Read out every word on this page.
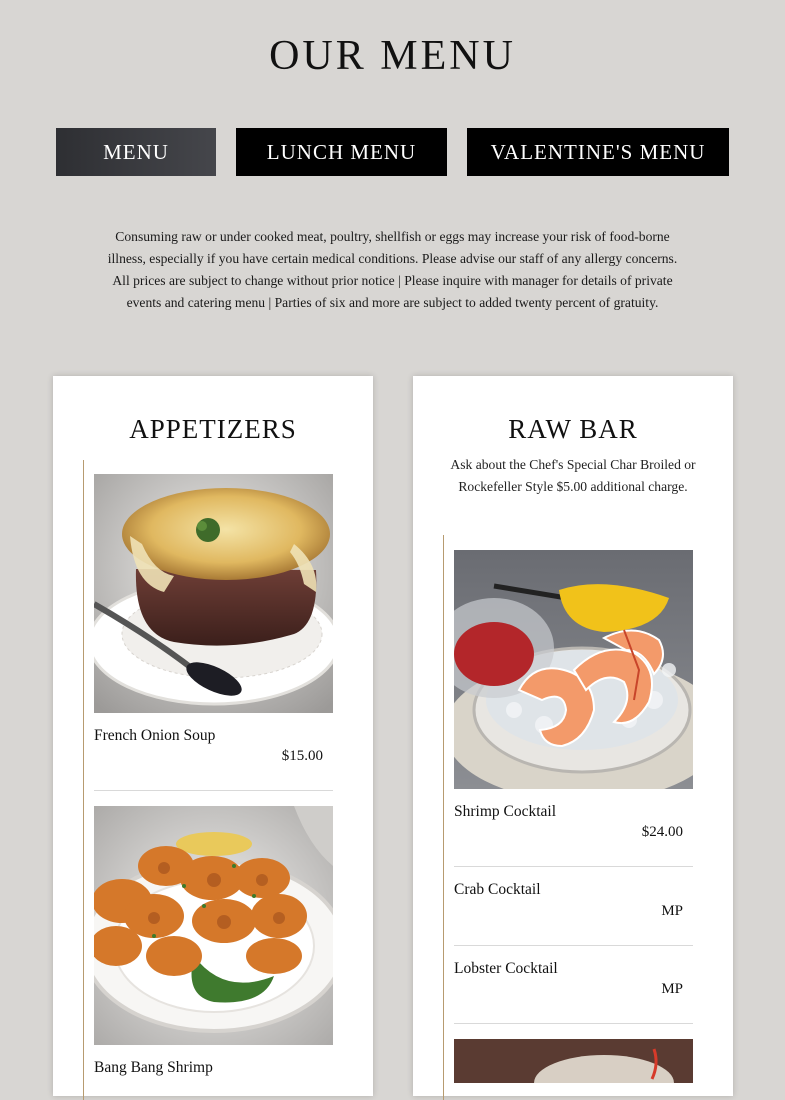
OUR MENU
MENU	LUNCH MENU	VALENTINE'S MENU
Consuming raw or under cooked meat, poultry, shellfish or eggs may increase your risk of food-borne illness, especially if you have certain medical conditions. Please advise our staff of any allergy concerns. All prices are subject to change without prior notice | Please inquire with manager for details of private events and catering menu | Parties of six and more are subject to added twenty percent of gratuity.
APPETIZERS
French Onion Soup
$15.00
Bang Bang Shrimp
RAW BAR
Ask about the Chef's Special Char Broiled or Rockefeller Style $5.00 additional charge.
Shrimp Cocktail
$24.00
Crab Cocktail
MP
Lobster Cocktail
MP
